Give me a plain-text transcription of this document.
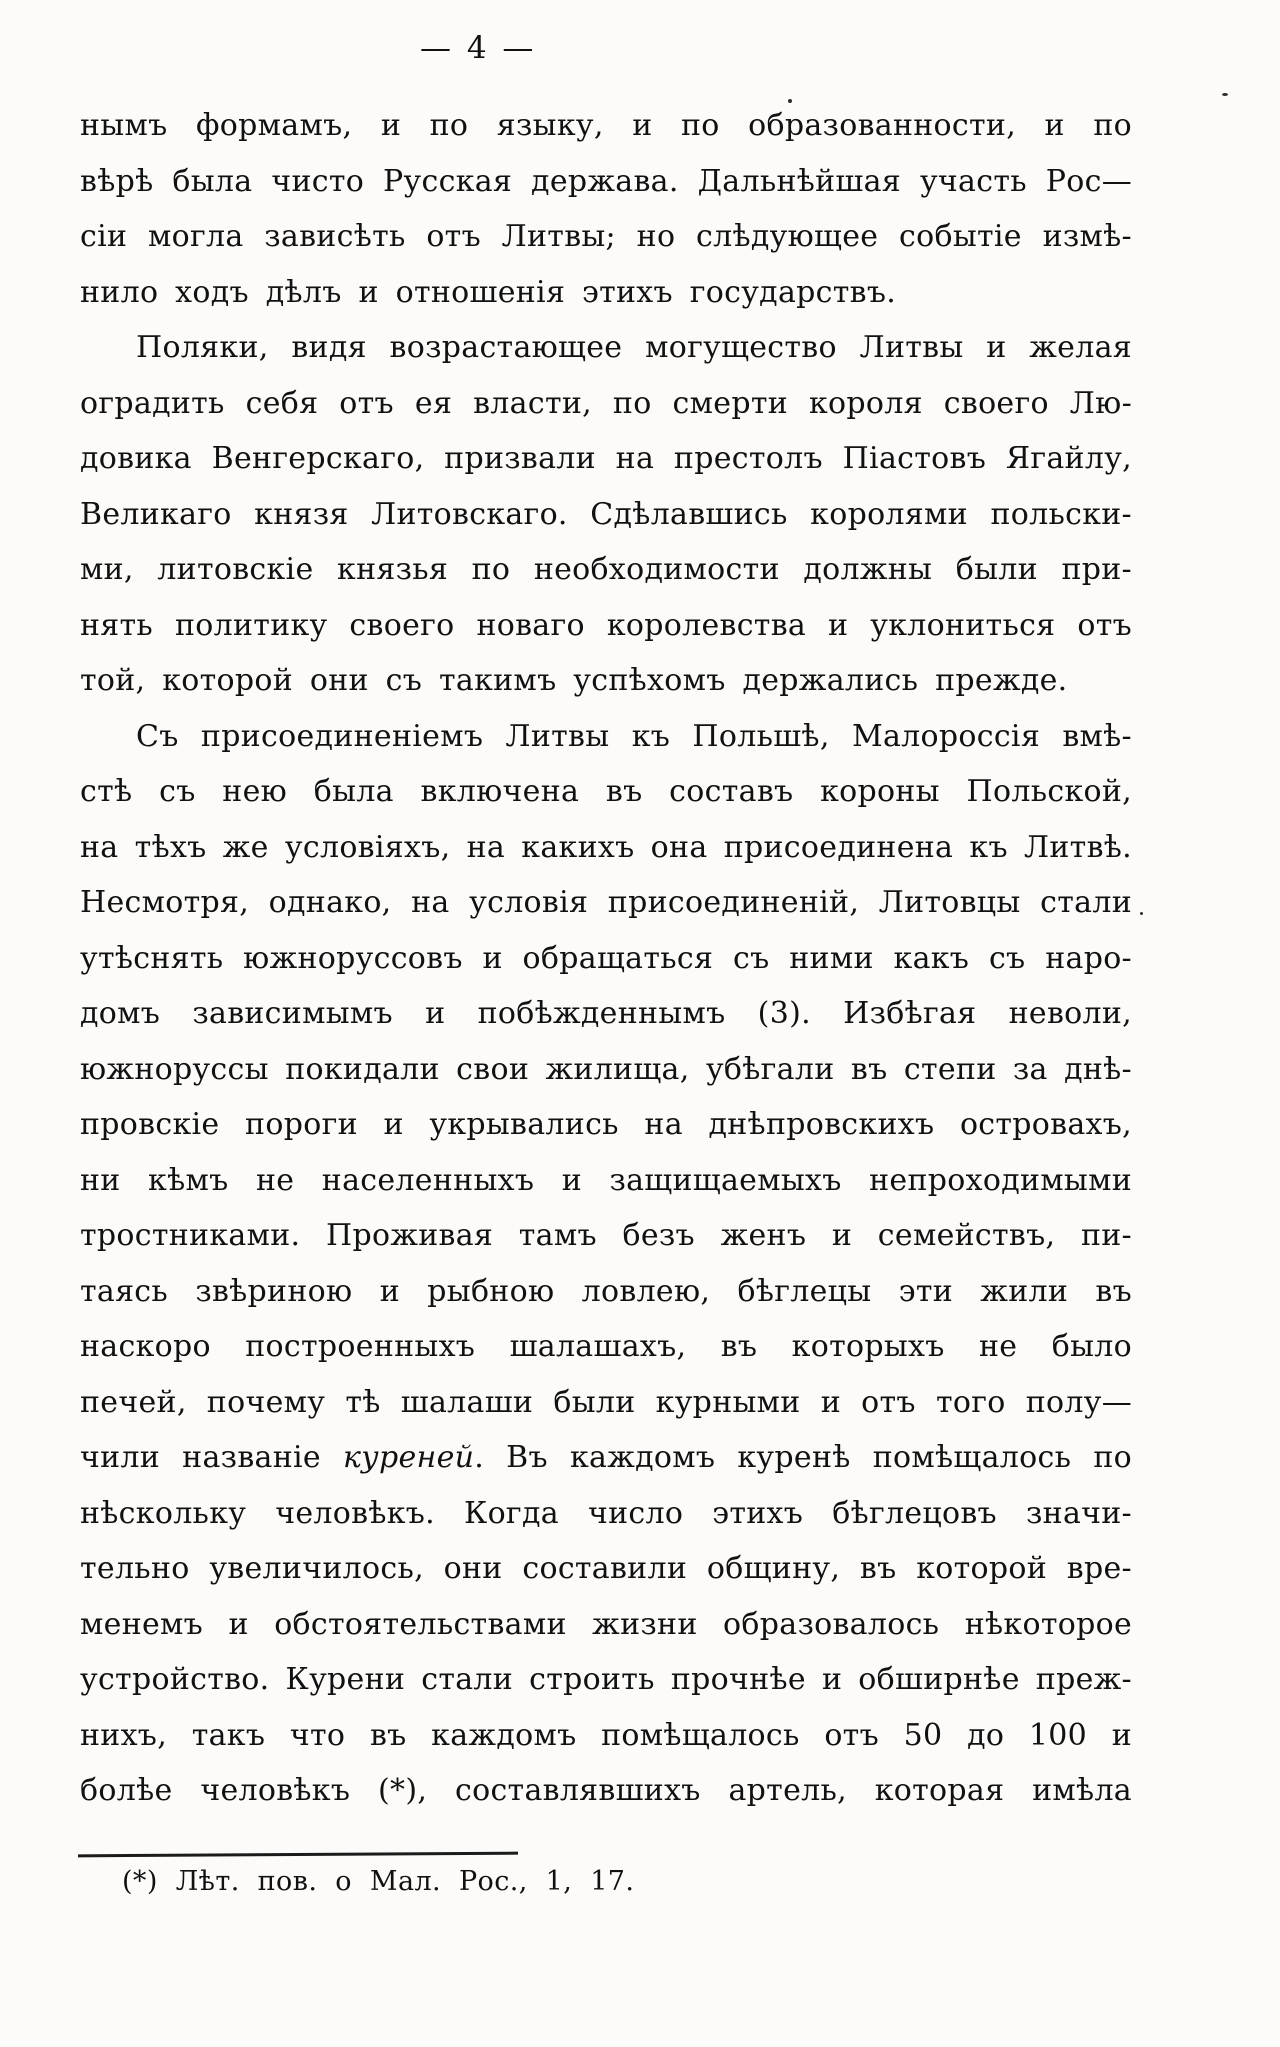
— 4 —
нымъ формамъ, и по языку, и по образованности, и по
вѣрѣ была чисто Русская держава. Дальнѣйшая участь Рос—
сіи могла зависѣть отъ Литвы; но слѣдующее событіе измѣ-
нило ходъ дѣлъ и отношенія этихъ государствъ.
Поляки, видя возрастающее могущество Литвы и желая
оградить себя отъ ея власти, по смерти короля своего Лю-
довика Венгерскаго, призвали на престолъ Піастовъ Ягайлу,
Великаго князя Литовскаго. Сдѣлавшись королями польски-
ми, литовскіе князья по необходимости должны были при-
нять политику своего новаго королевства и уклониться отъ
той, которой они съ такимъ успѣхомъ держались прежде.
Съ присоединеніемъ Литвы къ Польшѣ, Малороссія вмѣ-
стѣ съ нею была включена въ составъ короны Польской,
на тѣхъ же условіяхъ, на какихъ она присоединена къ Литвѣ.
Несмотря, однако, на условія присоединеній, Литовцы стали
утѣснять южноруссовъ и обращаться съ ними какъ съ наро-
домъ зависимымъ и побѣжденнымъ (3). Избѣгая неволи,
южноруссы покидали свои жилища, убѣгали въ степи за днѣ-
провскіе пороги и укрывались на днѣпровскихъ островахъ,
ни кѣмъ не населенныхъ и защищаемыхъ непроходимыми
тростниками. Проживая тамъ безъ женъ и семействъ, пи-
таясь звѣриною и рыбною ловлею, бѣглецы эти жили въ
наскоро построенныхъ шалашахъ, въ которыхъ не было
печей, почему тѣ шалаши были курными и отъ того полу—
чили названіе куреней. Въ каждомъ куренѣ помѣщалось по
нѣскольку человѣкъ. Когда число этихъ бѣглецовъ значи-
тельно увеличилось, они составили общину, въ которой вре-
менемъ и обстоятельствами жизни образовалось нѣкоторое
устройство. Курени стали строить прочнѣе и обширнѣе преж-
нихъ, такъ что въ каждомъ помѣщалось отъ 50 до 100 и
болѣе человѣкъ (*), составлявшихъ артель, которая имѣла
(*) Лѣт. пов. о Мал. Рос., 1, 17.
